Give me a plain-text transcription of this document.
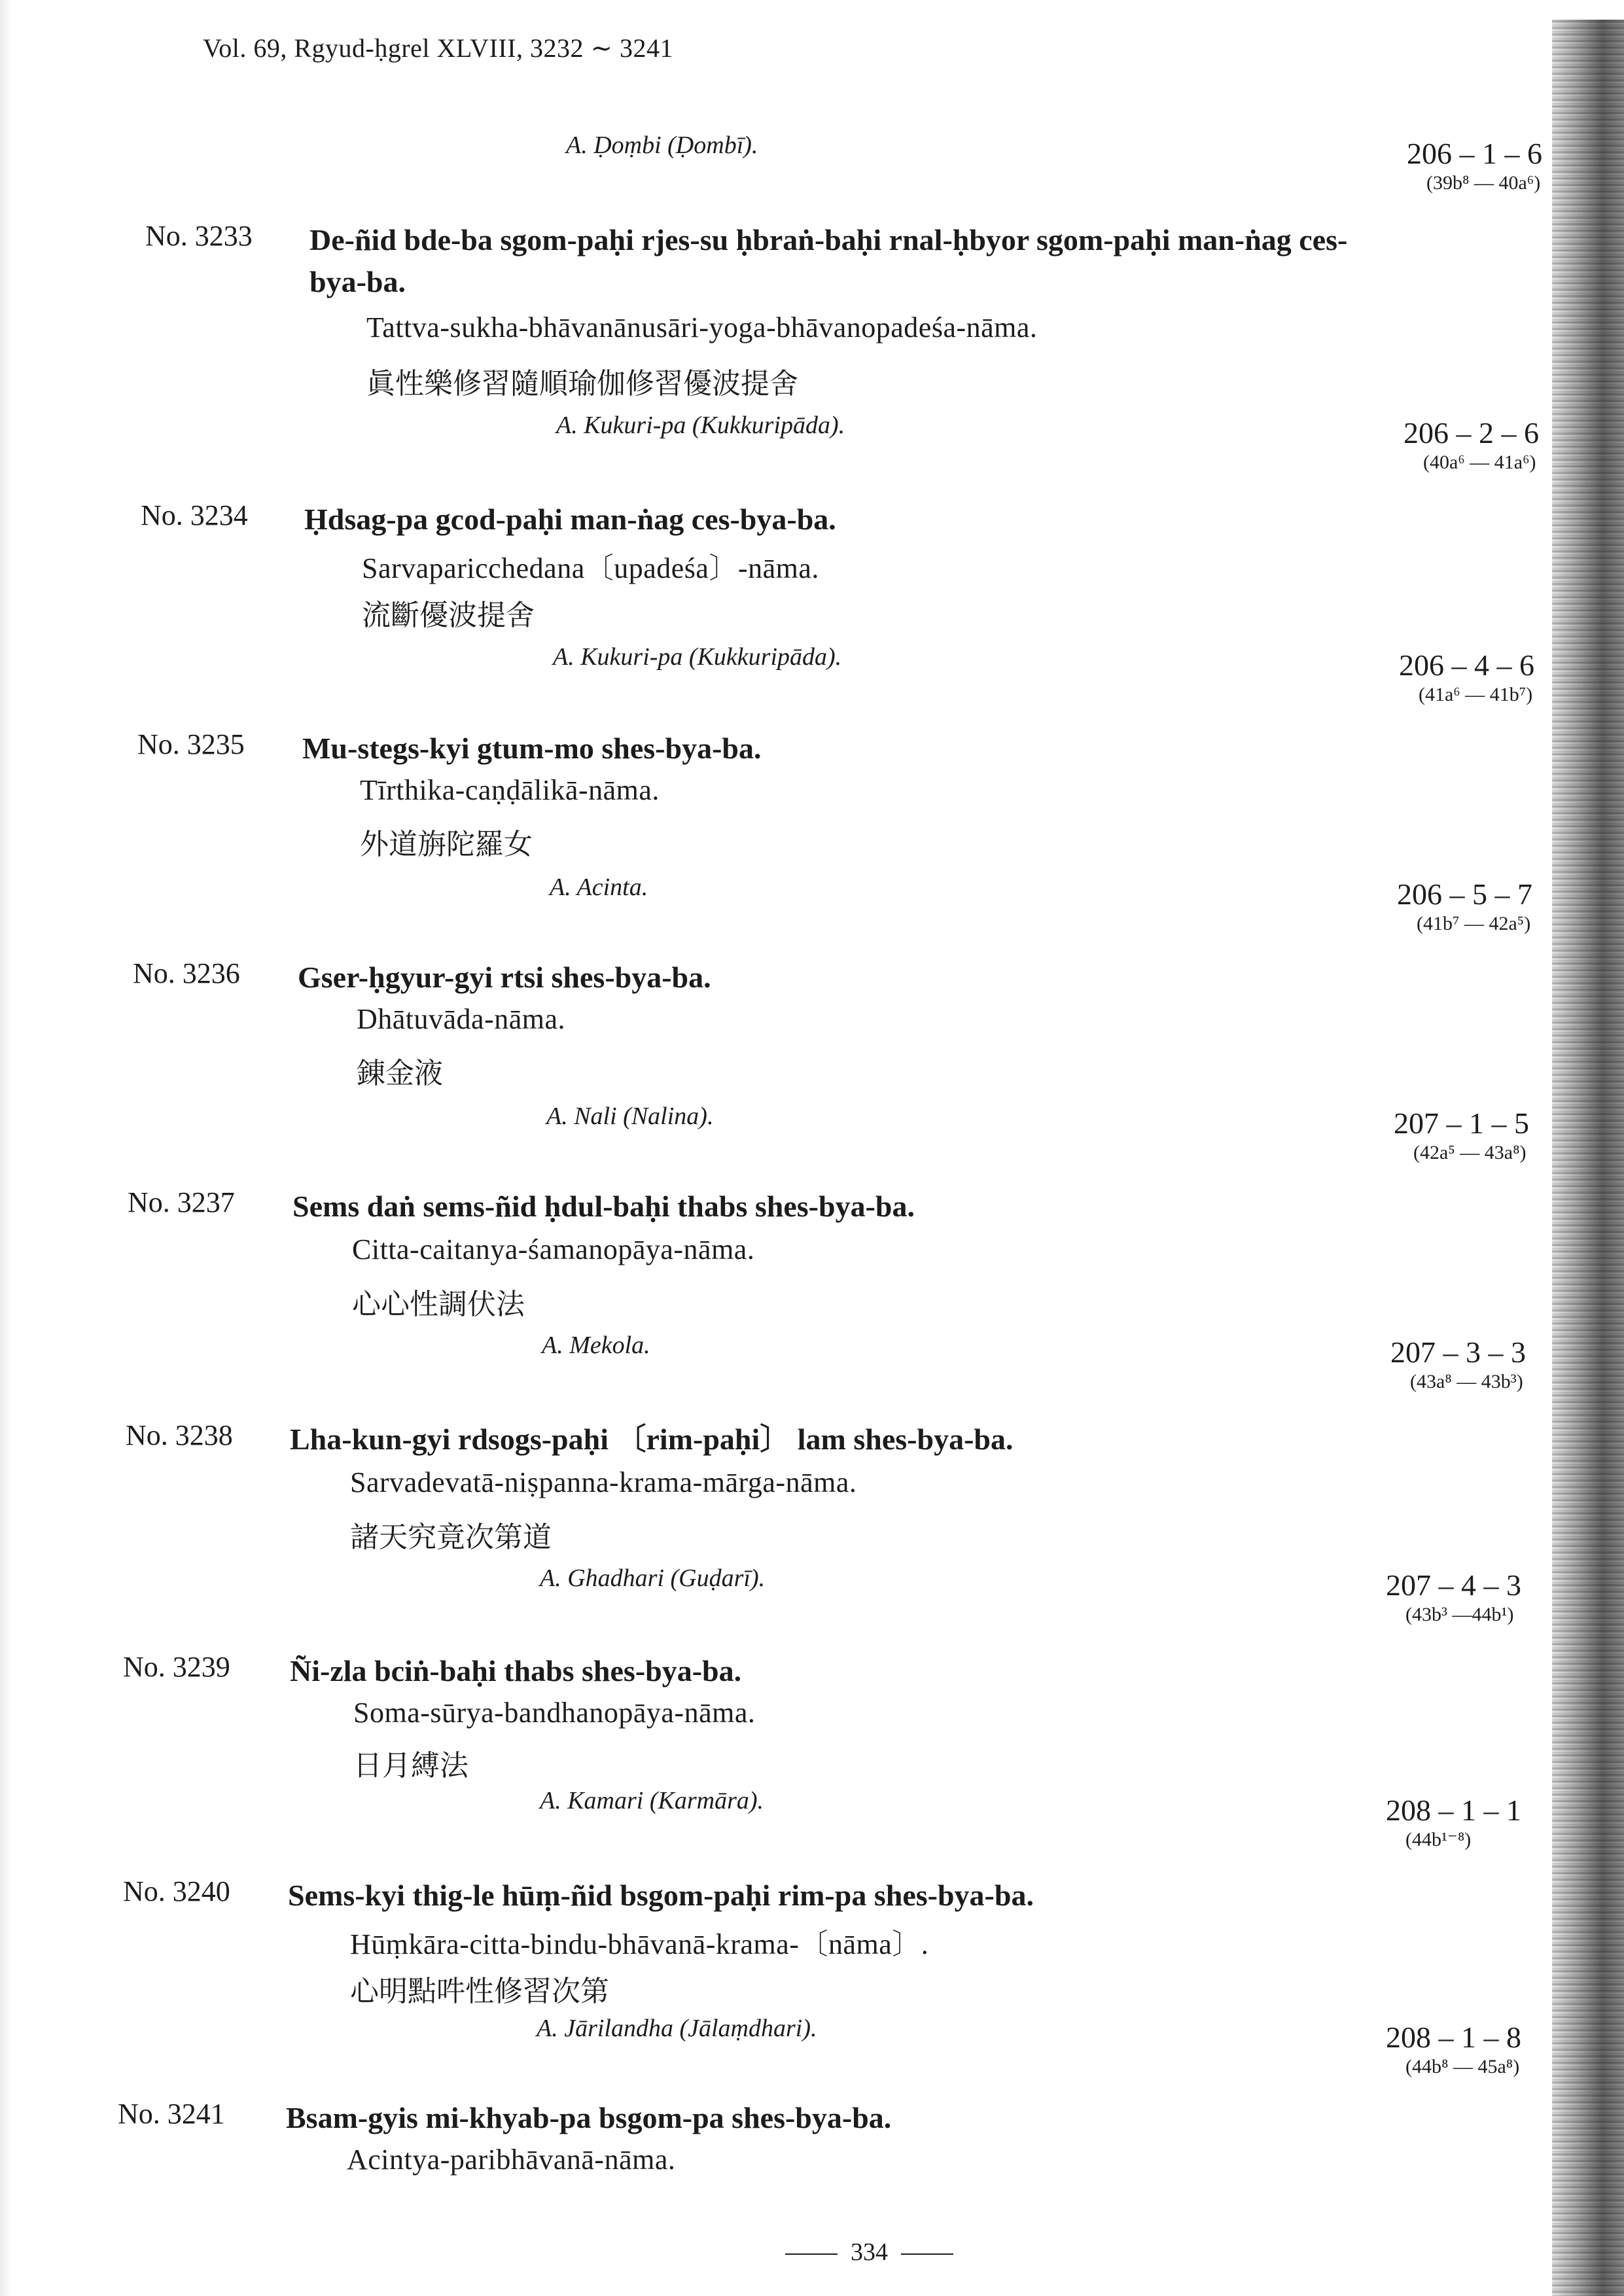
Vol. 69, Rgyud-ḥgrel XLVIII, 3232 ∼ 3241
A. Ḍoṃbi (Ḍombī).	206 – 1 – 6
(39b⁸ — 40a⁶)
No. 3233 De-ñid bde-ba sgom-paḥi rjes-su ḥbraṅ-baḥi rnal-ḥbyor sgom-paḥi man-ṅag ces-bya-ba.
Tattva-sukha-bhāvanānusāri-yoga-bhāvanopadeśa-nāma.
眞性樂修習隨順瑜伽修習優波提舍
A. Kukuri-pa (Kukkuripāda).	206 – 2 – 6
(40a⁶ — 41a⁶)
No. 3234 Ḥdsag-pa gcod-paḥi man-ṅag ces-bya-ba.
Sarvaparicchedana〔upadeśa〕-nāma.
流斷優波提舍
A. Kukuri-pa (Kukkuripāda).	206 – 4 – 6
(41a⁶ — 41b⁷)
No. 3235 Mu-stegs-kyi gtum-mo shes-bya-ba.
Tīrthika-caṇḍālikā-nāma.
外道旃陀羅女
A. Acinta.	206 – 5 – 7
(41b⁷ — 42a⁵)
No. 3236 Gser-ḥgyur-gyi rtsi shes-bya-ba.
Dhātuvāda-nāma.
錬金液
A. Nali (Nalina).	207 – 1 – 5
(42a⁵ — 43a⁸)
No. 3237 Sems daṅ sems-ñid ḥdul-baḥi thabs shes-bya-ba.
Citta-caitanya-śamanopāya-nāma.
心心性調伏法
A. Mekola.	207 – 3 – 3
(43a⁸ — 43b³)
No. 3238 Lha-kun-gyi rdsogs-paḥi 〔rim-paḥi〕 lam shes-bya-ba.
Sarvadevatā-niṣpanna-krama-mārga-nāma.
諸天究竟次第道
A. Ghadhari (Guḍarī).	207 – 4 – 3
(43b³ —44b¹)
No. 3239 Ñi-zla bciṅ-baḥi thabs shes-bya-ba.
Soma-sūrya-bandhanopāya-nāma.
日月縛法
A. Kamari (Karmāra).	208 – 1 – 1
(44b¹⁻⁸)
No. 3240 Sems-kyi thig-le hūṃ-ñid bsgom-paḥi rim-pa shes-bya-ba.
Hūṃkāra-citta-bindu-bhāvanā-krama-〔nāma〕.
心明點吽性修習次第
A. Jārilandha (Jālaṃdhari).	208 – 1 – 8
(44b⁸ — 45a⁸)
No. 3241 Bsam-gyis mi-khyab-pa bsgom-pa shes-bya-ba.
Acintya-paribhāvanā-nāma.
334
